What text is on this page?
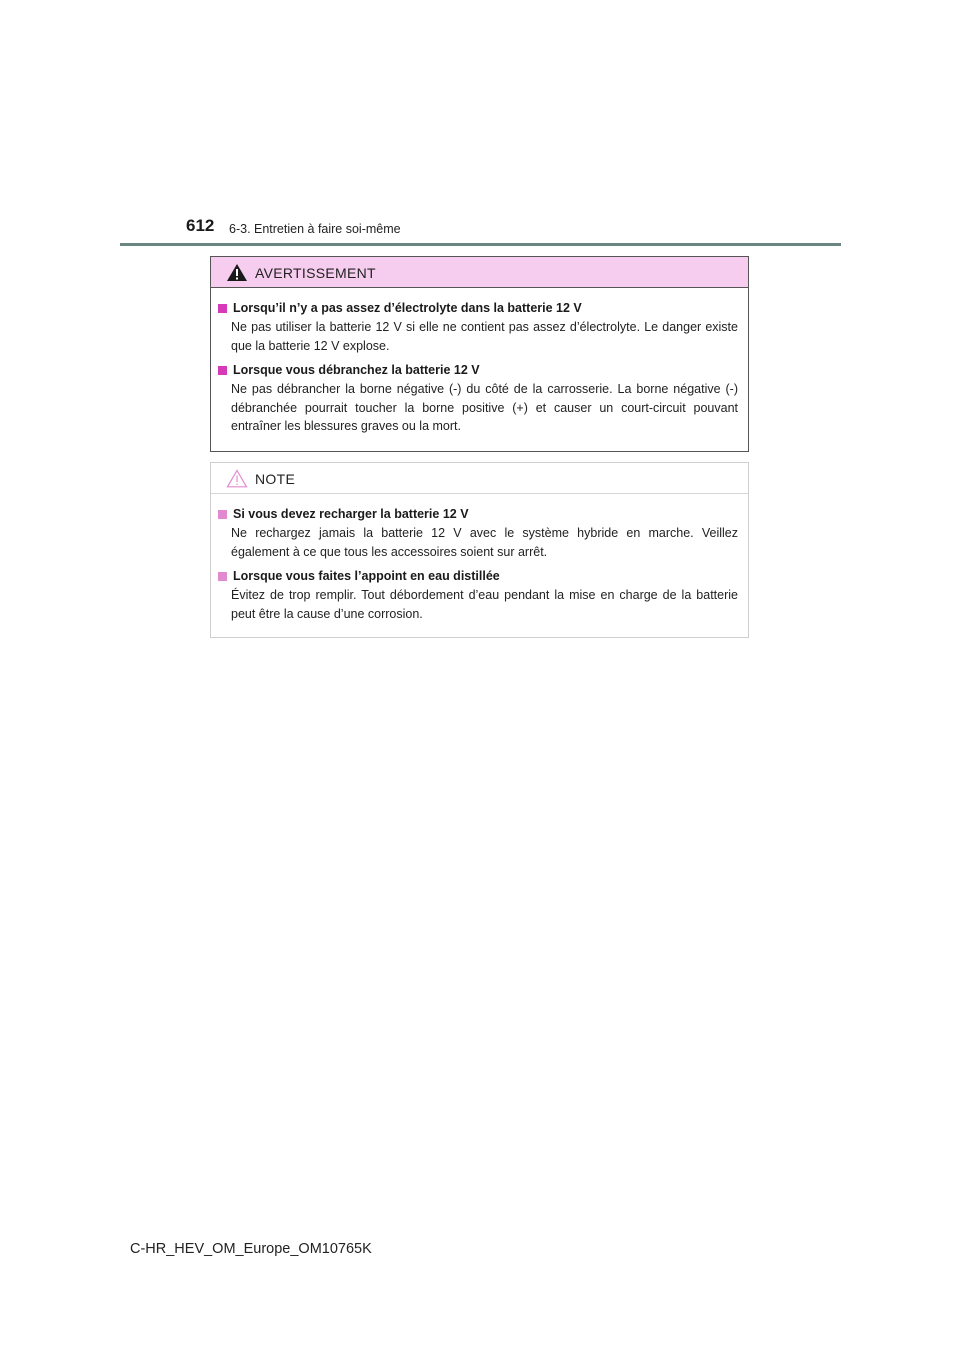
612 6-3. Entretien à faire soi-même
AVERTISSEMENT
Lorsqu’il n’y a pas assez d’électrolyte dans la batterie 12 V
Ne pas utiliser la batterie 12 V si elle ne contient pas assez d’électrolyte. Le danger existe que la batterie 12 V explose.
Lorsque vous débranchez la batterie 12 V
Ne pas débrancher la borne négative (-) du côté de la carrosserie. La borne négative (-) débranchée pourrait toucher la borne positive (+) et causer un court-circuit pouvant entraîner les blessures graves ou la mort.
NOTE
Si vous devez recharger la batterie 12 V
Ne rechargez jamais la batterie 12 V avec le système hybride en marche. Veillez également à ce que tous les accessoires soient sur arrêt.
Lorsque vous faites l’appoint en eau distillée
Évitez de trop remplir. Tout débordement d’eau pendant la mise en charge de la batterie peut être la cause d’une corrosion.
C-HR_HEV_OM_Europe_OM10765K
